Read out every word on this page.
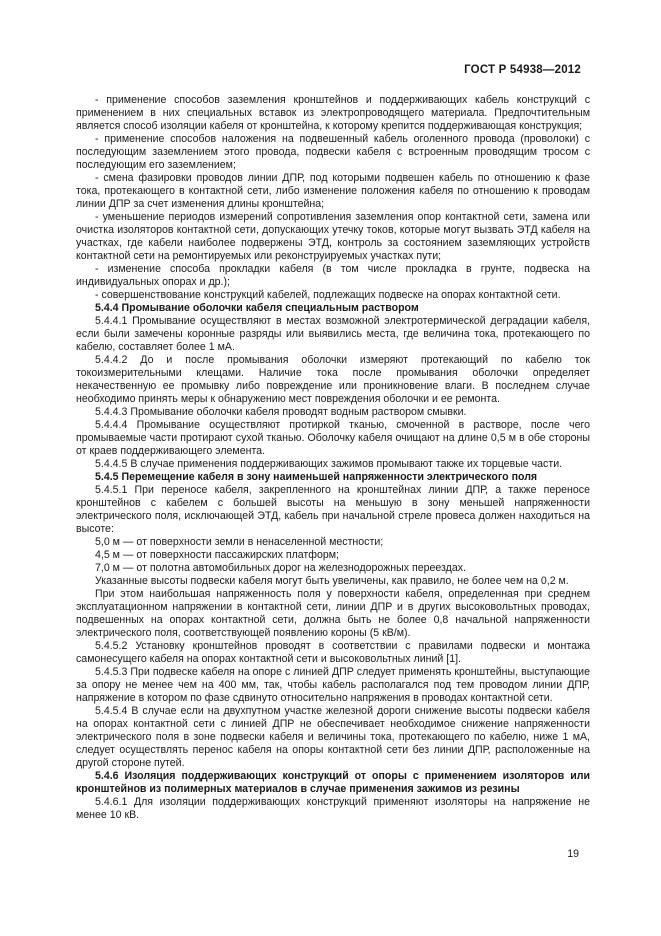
ГОСТ Р 54938—2012

- применение способов заземления кронштейнов и поддерживающих кабель конструкций с применением в них специальных вставок из электропроводящего материала. Предпочтительным является способ изоляции кабеля от кронштейна, к которому крепится поддерживающая конструкция;

- применение способов наложения на подвешенный кабель оголенного провода (проволоки) с последующим заземлением этого провода, подвески кабеля с встроенным проводящим тросом с последующим его заземлением;

- смена фазировки проводов линии ДПР, под которыми подвешен кабель по отношению к фазе тока, протекающего в контактной сети, либо изменение положения кабеля по отношению к проводам линии ДПР за счет изменения длины кронштейна;

- уменьшение периодов измерений сопротивления заземления опор контактной сети, замена или очистка изоляторов контактной сети, допускающих утечку токов, которые могут вызвать ЭТД кабеля на участках, где кабели наиболее подвержены ЭТД, контроль за состоянием заземляющих устройств контактной сети на ремонтируемых или реконструируемых участках пути;

- изменение способа прокладки кабеля (в том числе прокладка в грунте, подвеска на индивидуальных опорах и др.);

- совершенствование конструкций кабелей, подлежащих подвеске на опорах контактной сети.

5.4.4 Промывание оболочки кабеля специальным раствором

5.4.4.1 Промывание осуществляют в местах возможной электротермической деградации кабеля, если были замечены коронные разряды или выявились места, где величина тока, протекающего по кабелю, составляет более 1 мА.

5.4.4.2 До и после промывания оболочки измеряют протекающий по кабелю ток токоизмерительными клещами. Наличие тока после промывания оболочки определяет некачественную ее промывку либо повреждение или проникновение влаги. В последнем случае необходимо принять меры к обнаружению мест повреждения оболочки и ее ремонта.

5.4.4.3 Промывание оболочки кабеля проводят водным раствором смывки.

5.4.4.4 Промывание осуществляют протиркой тканью, смоченной в растворе, после чего промываемые части протирают сухой тканью. Оболочку кабеля очищают на длине 0,5 м в обе стороны от краев поддерживающего элемента.

5.4.4.5 В случае применения поддерживающих зажимов промывают также их торцевые части.

5.4.5 Перемещение кабеля в зону наименьшей напряженности электрического поля

5.4.5.1 При переносе кабеля, закрепленного на кронштейнах линии ДПР, а также переносе кронштейнов с кабелем с большей высоты на меньшую в зону меньшей напряженности электрического поля, исключающей ЭТД, кабель при начальной стреле провеса должен находиться на высоте:

5,0 м — от поверхности земли в ненаселенной местности;

4,5 м — от поверхности пассажирских платформ;

7,0 м — от полотна автомобильных дорог на железнодорожных переездах.

Указанные высоты подвески кабеля могут быть увеличены, как правило, не более чем на 0,2 м.

При этом наибольшая напряженность поля у поверхности кабеля, определенная при среднем эксплуатационном напряжении в контактной сети, линии ДПР и в других высоковольтных проводах, подвешенных на опорах контактной сети, должна быть не более 0,8 начальной напряженности электрического поля, соответствующей появлению короны (5 кВ/м).

5.4.5.2 Установку кронштейнов проводят в соответствии с правилами подвески и монтажа самонесущего кабеля на опорах контактной сети и высоковольтных линий [1].

5.4.5.3 При подвеске кабеля на опоре с линией ДПР следует применять кронштейны, выступающие за опору не менее чем на 400 мм, так, чтобы кабель располагался под тем проводом линии ДПР, напряжение в котором по фазе сдвинуто относительно напряжения в проводах контактной сети.

5.4.5.4 В случае если на двухпутном участке железной дороги снижение высоты подвески кабеля на опорах контактной сети с линией ДПР не обеспечивает необходимое снижение напряженности электрического поля в зоне подвески кабеля и величины тока, протекающего по кабелю, ниже 1 мА, следует осуществлять перенос кабеля на опоры контактной сети без линии ДПР, расположенные на другой стороне путей.

5.4.6 Изоляция поддерживающих конструкций от опоры с применением изоляторов или кронштейнов из полимерных материалов в случае применения зажимов из резины

5.4.6.1 Для изоляции поддерживающих конструкций применяют изоляторы на напряжение не менее 10 кВ.

19
